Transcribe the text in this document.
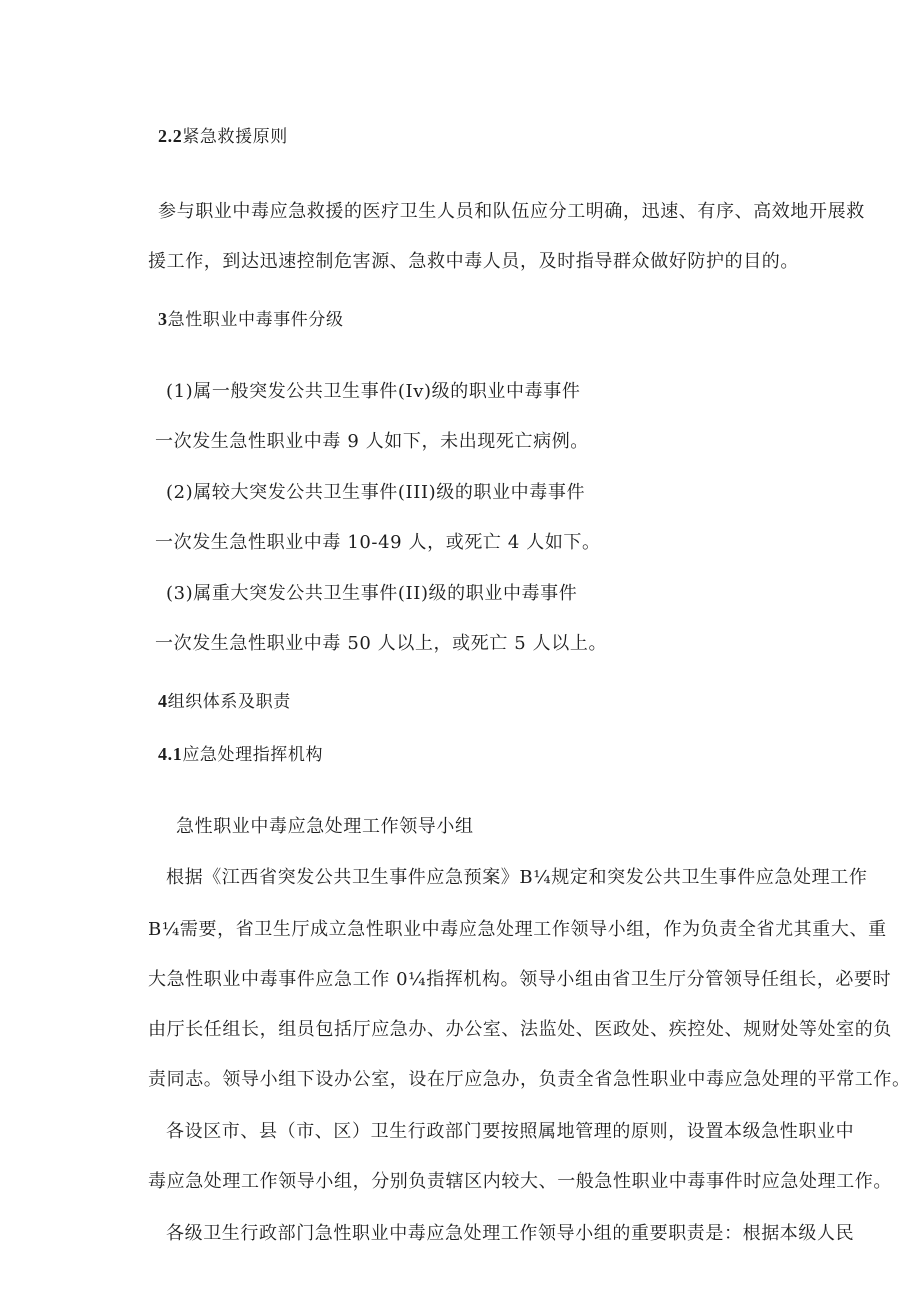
2.2紧急救援原则
参与职业中毒应急救援的医疗卫生人员和队伍应分工明确，迅速、有序、高效地开展救
援工作，到达迅速控制危害源、急救中毒人员，及时指导群众做好防护的目的。
3急性职业中毒事件分级
(1)属一般突发公共卫生事件(Iv)级的职业中毒事件
一次发生急性职业中毒 9 人如下，未出现死亡病例。
(2)属较大突发公共卫生事件(III)级的职业中毒事件
一次发生急性职业中毒 10-49 人，或死亡 4 人如下。
(3)属重大突发公共卫生事件(II)级的职业中毒事件
一次发生急性职业中毒 50 人以上，或死亡 5 人以上。
4组织体系及职责
4.1应急处理指挥机构
急性职业中毒应急处理工作领导小组
根据《江西省突发公共卫生事件应急预案》B¼规定和突发公共卫生事件应急处理工作
B¼需要，省卫生厅成立急性职业中毒应急处理工作领导小组，作为负责全省尤其重大、重
大急性职业中毒事件应急工作 0¼指挥机构。领导小组由省卫生厅分管领导任组长，必要时
由厅长任组长，组员包括厅应急办、办公室、法监处、医政处、疾控处、规财处等处室的负
责同志。领导小组下设办公室，设在厅应急办，负责全省急性职业中毒应急处理的平常工作。
各设区市、县（市、区）卫生行政部门要按照属地管理的原则，设置本级急性职业中
毒应急处理工作领导小组，分别负责辖区内较大、一般急性职业中毒事件时应急处理工作。
各级卫生行政部门急性职业中毒应急处理工作领导小组的重要职责是：根据本级人民
